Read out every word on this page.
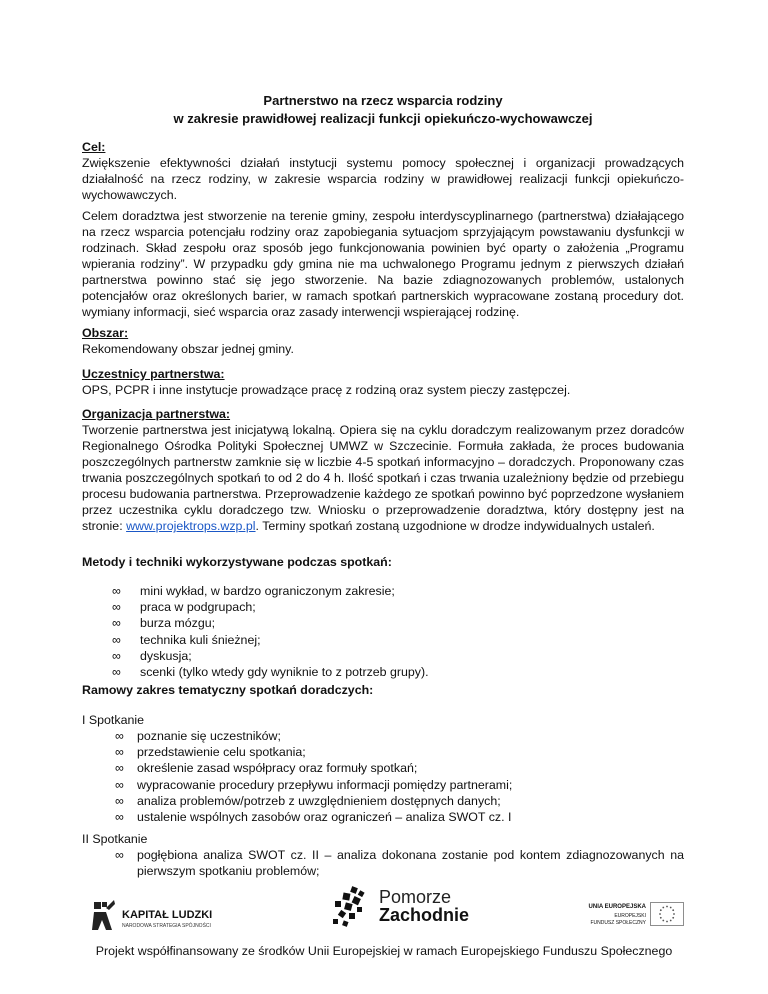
Partnerstwo na rzecz wsparcia rodziny
w zakresie prawidłowej realizacji funkcji opiekuńczo-wychowawczej

Cel:

Zwiększenie efektywności działań instytucji systemu pomocy społecznej i organizacji prowadzących działalność na rzecz rodziny, w zakresie wsparcia rodziny w prawidłowej realizacji funkcji opiekuńczo-wychowawczych.

Celem doradztwa jest stworzenie na terenie gminy, zespołu interdyscyplinarnego (partnerstwa) działającego na rzecz wsparcia potencjału rodziny oraz zapobiegania sytuacjom sprzyjającym powstawaniu dysfunkcji w rodzinach. Skład zespołu oraz sposób jego funkcjonowania powinien być oparty o założenia „Programu wpierania rodziny”. W przypadku gdy gmina nie ma uchwalonego Programu jednym z pierwszych działań partnerstwa powinno stać się jego stworzenie. Na bazie zdiagnozowanych problemów, ustalonych potencjałów oraz określonych barier, w ramach spotkań partnerskich wypracowane zostaną procedury dot. wymiany informacji, sieć wsparcia oraz zasady interwencji wspierającej rodzinę.

Obszar:

Rekomendowany obszar jednej gminy.

Uczestnicy partnerstwa:

OPS, PCPR i inne instytucje prowadzące pracę z rodziną oraz system pieczy zastępczej.

Organizacja partnerstwa:

Tworzenie partnerstwa jest inicjatywą lokalną. Opiera się na cyklu doradczym realizowanym przez doradców Regionalnego Ośrodka Polityki Społecznej UMWZ w Szczecinie. Formuła zakłada, że proces budowania poszczególnych partnerstw zamknie się w liczbie 4-5 spotkań informacyjno – doradczych. Proponowany czas trwania poszczególnych spotkań to od 2 do 4 h. Ilość spotkań i czas trwania uzależniony będzie od przebiegu procesu budowania partnerstwa. Przeprowadzenie każdego ze spotkań powinno być poprzedzone wysłaniem przez uczestnika cyklu doradczego tzw. Wniosku o przeprowadzenie doradztwa, który dostępny jest na stronie: www.projektrops.wzp.pl. Terminy spotkań zostaną uzgodnione w drodze indywidualnych ustaleń.

Metody i techniki wykorzystywane podczas spotkań:

∞ mini wykład, w bardzo ograniczonym zakresie;
∞ praca w podgrupach;
∞ burza mózgu;
∞ technika kuli śnieżnej;
∞ dyskusja;
∞ scenki (tylko wtedy gdy wyniknie to z potrzeb grupy).

Ramowy zakres tematyczny spotkań doradczych:

I Spotkanie

∞ poznanie się uczestników;
∞ przedstawienie celu spotkania;
∞ określenie zasad współpracy oraz formuły spotkań;
∞ wypracowanie procedury przepływu informacji pomiędzy partnerami;
∞ analiza problemów/potrzeb z uwzględnieniem dostępnych danych;
∞ ustalenie wspólnych zasobów oraz ograniczeń – analiza SWOT cz. I

II Spotkanie

∞ pogłębiona analiza SWOT cz. II – analiza dokonana zostanie pod kontem zdiagnozowanych na pierwszym spotkaniu problemów;
KAPITAŁ LUDZKI
NARODOWA STRATEGIA SPÓJNOŚCI
Pomorze
Zachodnie	UNIA EUROPEJSKA
EUROPEJSKI
FUNDUSZ SPOŁECZNY
Projekt współfinansowany ze środków Unii Europejskiej w ramach Europejskiego Funduszu Społecznego
